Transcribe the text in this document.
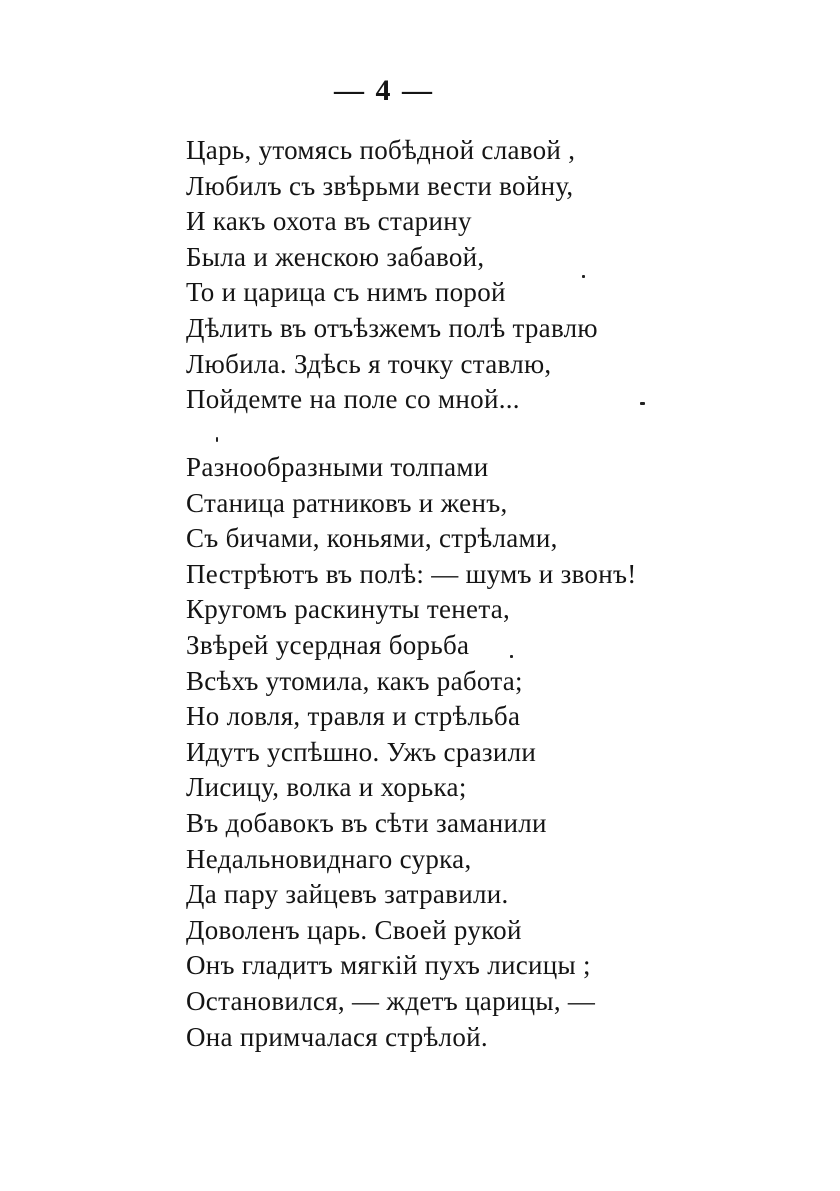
— 4 —
Царь, утомясь побѣдной славой ,
Любилъ съ звѣрьми вести войну,
И какъ охота въ старину
Была и женскою забавой,
То и царица съ нимъ порой
Дѣлить въ отъѣзжемъ полѣ травлю
Любила. Здѣсь я точку ставлю,
Пойдемте на поле со мной...
Разнообразными толпами
Станица ратниковъ и женъ,
Съ бичами, коньями, стрѣлами,
Пестрѣютъ въ полѣ: — шумъ и звонъ!
Кругомъ раскинуты тенета,
Звѣрей усердная борьба
Всѣхъ утомила, какъ работа;
Но ловля, травля и стрѣльба
Идутъ успѣшно. Ужъ сразили
Лисицу, волка и хорька;
Въ добавокъ въ сѣти заманили
Недальновиднаго сурка,
Да пару зайцевъ затравили.
Доволенъ царь. Своей рукой
Онъ гладитъ мягкій пухъ лисицы ;
Остановился, — ждетъ царицы, —
Она примчалася стрѣлой.
